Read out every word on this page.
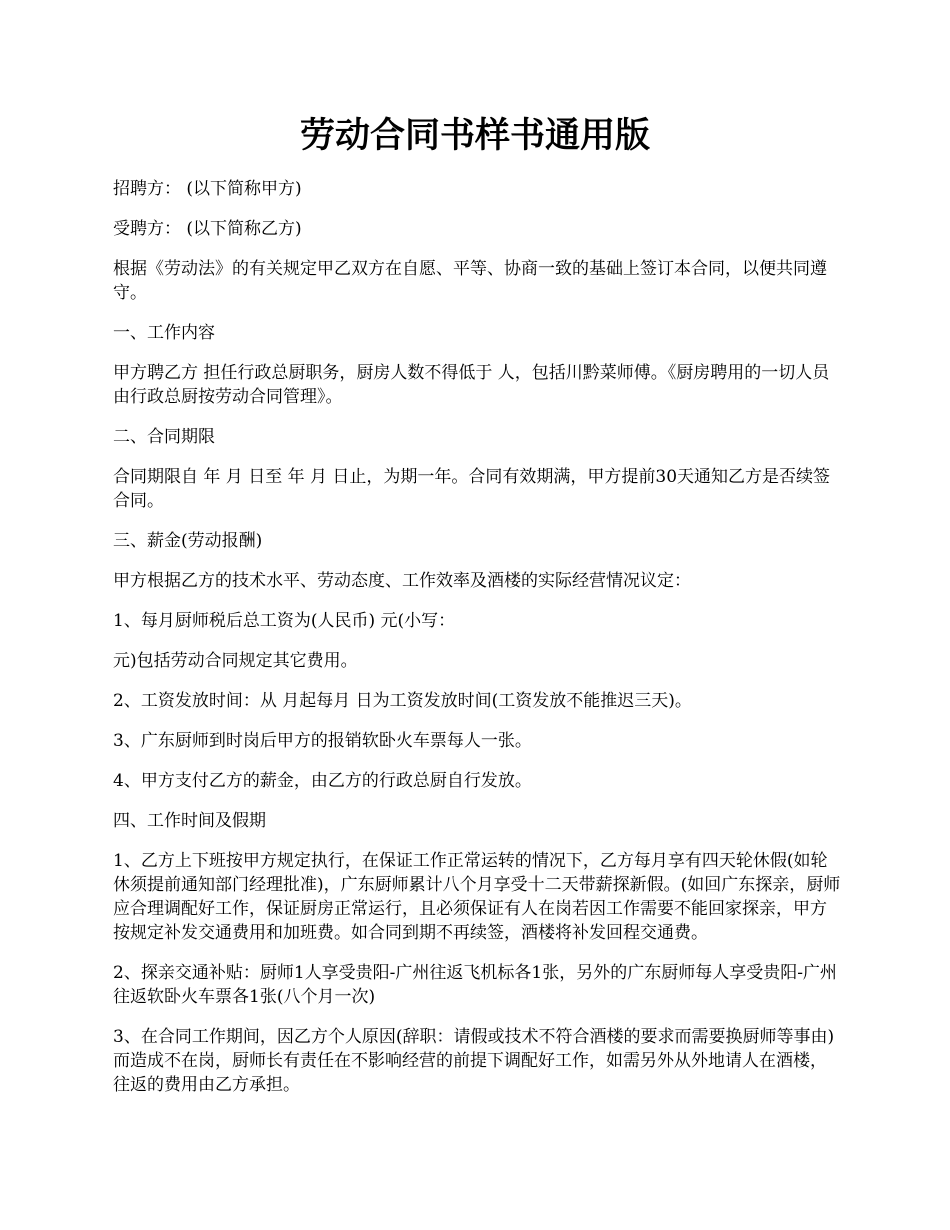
劳动合同书样书通用版

招聘方： (以下简称甲方)

受聘方： (以下简称乙方)

根据《劳动法》的有关规定甲乙双方在自愿、平等、协商一致的基础上签订本合同，以便共同遵守。

一、工作内容

甲方聘乙方 担任行政总厨职务，厨房人数不得低于 人，包括川黔菜师傅。《厨房聘用的一切人员由行政总厨按劳动合同管理》。

二、合同期限

合同期限自 年 月 日至 年 月 日止，为期一年。合同有效期满，甲方提前30天通知乙方是否续签合同。

三、薪金(劳动报酬)

甲方根据乙方的技术水平、劳动态度、工作效率及酒楼的实际经营情况议定：

1、每月厨师税后总工资为(人民币) 元(小写：

元)包括劳动合同规定其它费用。

2、工资发放时间：从 月起每月 日为工资发放时间(工资发放不能推迟三天)。

3、广东厨师到时岗后甲方的报销软卧火车票每人一张。

4、甲方支付乙方的薪金，由乙方的行政总厨自行发放。

四、工作时间及假期

1、乙方上下班按甲方规定执行，在保证工作正常运转的情况下，乙方每月享有四天轮休假(如轮休须提前通知部门经理批准)，广东厨师累计八个月享受十二天带薪探新假。(如回广东探亲，厨师应合理调配好工作，保证厨房正常运行，且必须保证有人在岗若因工作需要不能回家探亲，甲方按规定补发交通费用和加班费。如合同到期不再续签，酒楼将补发回程交通费。

2、探亲交通补贴：厨师1人享受贵阳-广州往返飞机标各1张，另外的广东厨师每人享受贵阳-广州往返软卧火车票各1张(八个月一次)

3、在合同工作期间，因乙方个人原因(辞职：请假或技术不符合酒楼的要求而需要换厨师等事由)而造成不在岗，厨师长有责任在不影响经营的前提下调配好工作，如需另外从外地请人在酒楼，往返的费用由乙方承担。
